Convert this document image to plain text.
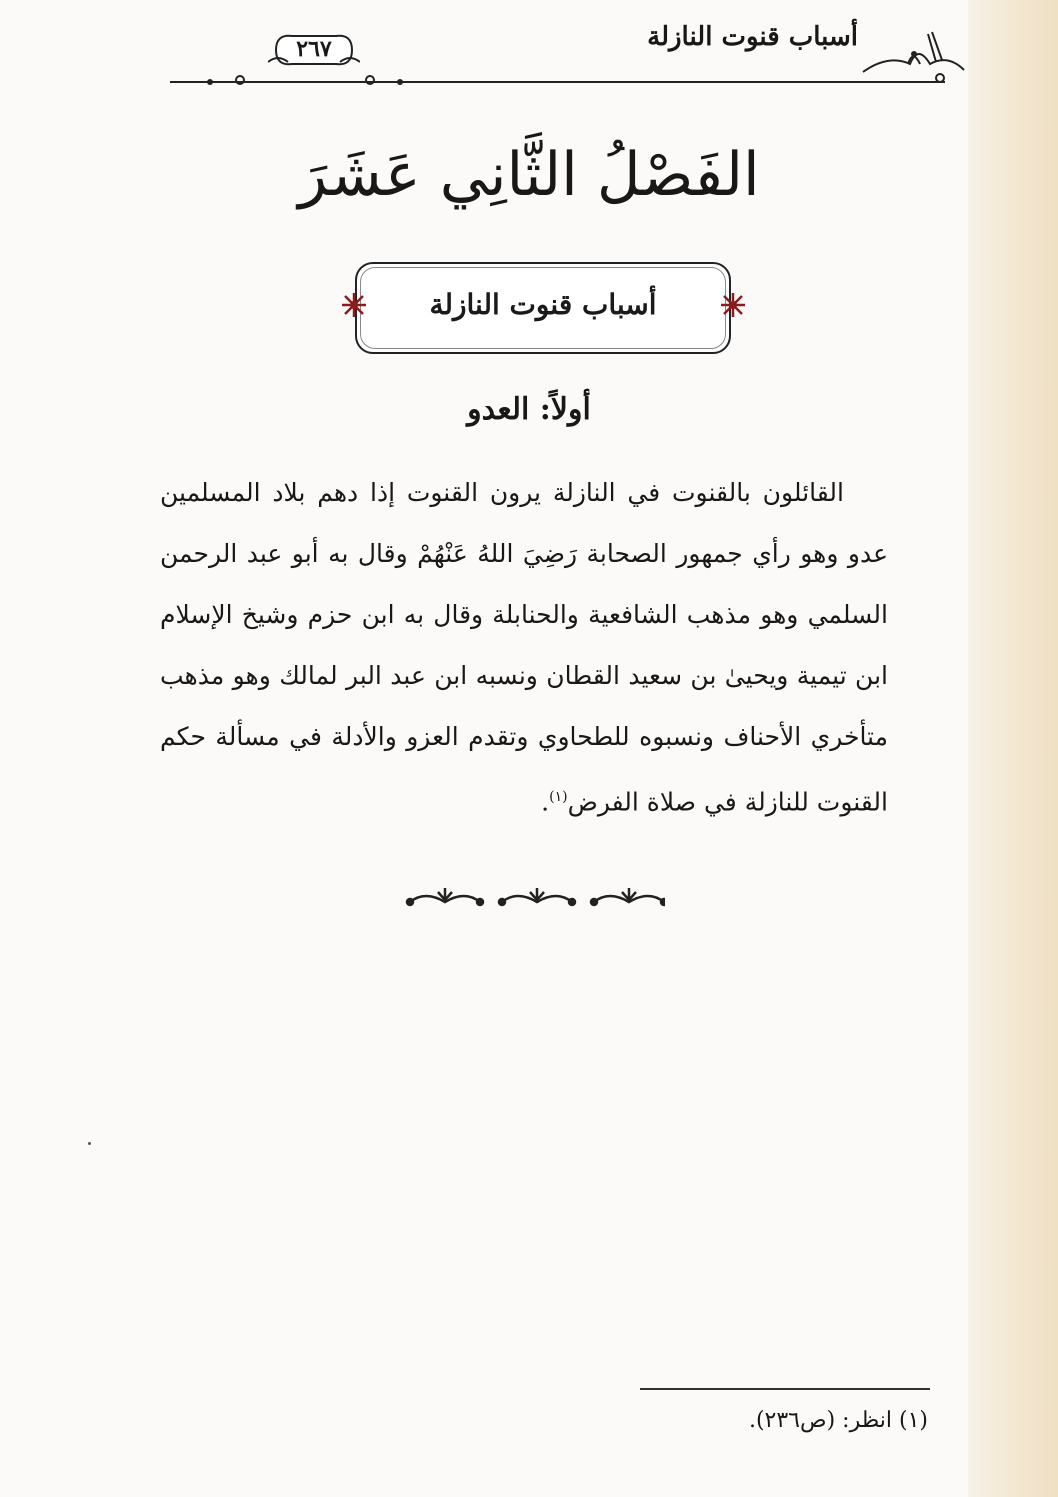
أسباب قنوت النازلة
٢٦٧
الفَصْلُ الثَّانِي عَشَرَ
أسباب قنوت النازلة
أولاً: العدو
القائلون بالقنوت في النازلة يرون القنوت إذا دهم بلاد المسلمين عدو وهو رأي جمهور الصحابة رَضِيَ اللهُ عَنْهُمْ وقال به أبو عبد الرحمن السلمي وهو مذهب الشافعية والحنابلة وقال به ابن حزم وشيخ الإسلام ابن تيمية ويحيىٰ بن سعيد القطان ونسبه ابن عبد البر لمالك وهو مذهب متأخري الأحناف ونسبوه للطحاوي وتقدم العزو والأدلة في مسألة حكم القنوت للنازلة في صلاة الفرض$^{(١)}$.
(١) انظر: (ص٢٣٦).
